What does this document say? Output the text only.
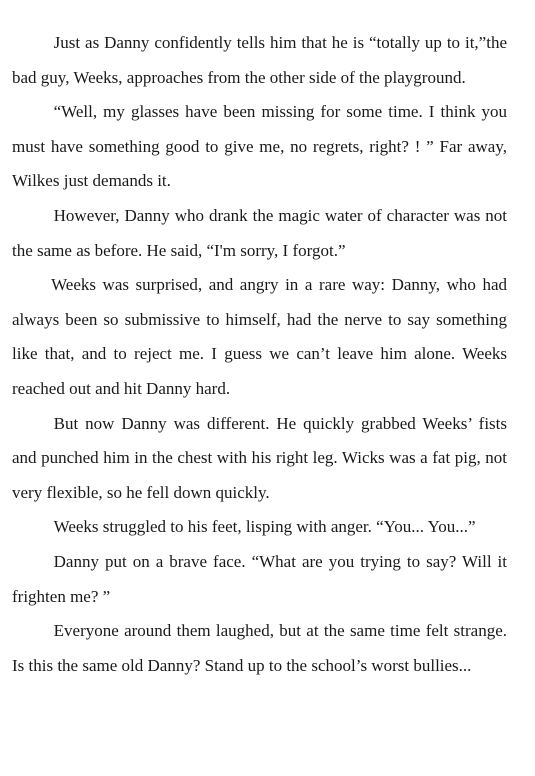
Just as Danny confidently tells him that he is “totally up to it,”the bad guy, Weeks, approaches from the other side of the playground.

“Well, my glasses have been missing for some time. I think you must have something good to give me, no regrets, right? ! ” Far away, Wilkes just demands it.

However, Danny who drank the magic water of character was not the same as before. He said, “I'm sorry, I forgot.”

Weeks was surprised, and angry in a rare way: Danny, who had always been so submissive to himself, had the nerve to say something like that, and to reject me. I guess we can’t leave him alone. Weeks reached out and hit Danny hard.

But now Danny was different. He quickly grabbed Weeks’ fists and punched him in the chest with his right leg. Wicks was a fat pig, not very flexible, so he fell down quickly.

Weeks struggled to his feet, lisping with anger. “You... You...”

Danny put on a brave face. “What are you trying to say? Will it frighten me? ”

Everyone around them laughed, but at the same time felt strange. Is this the same old Danny? Stand up to the school’s worst bullies...
